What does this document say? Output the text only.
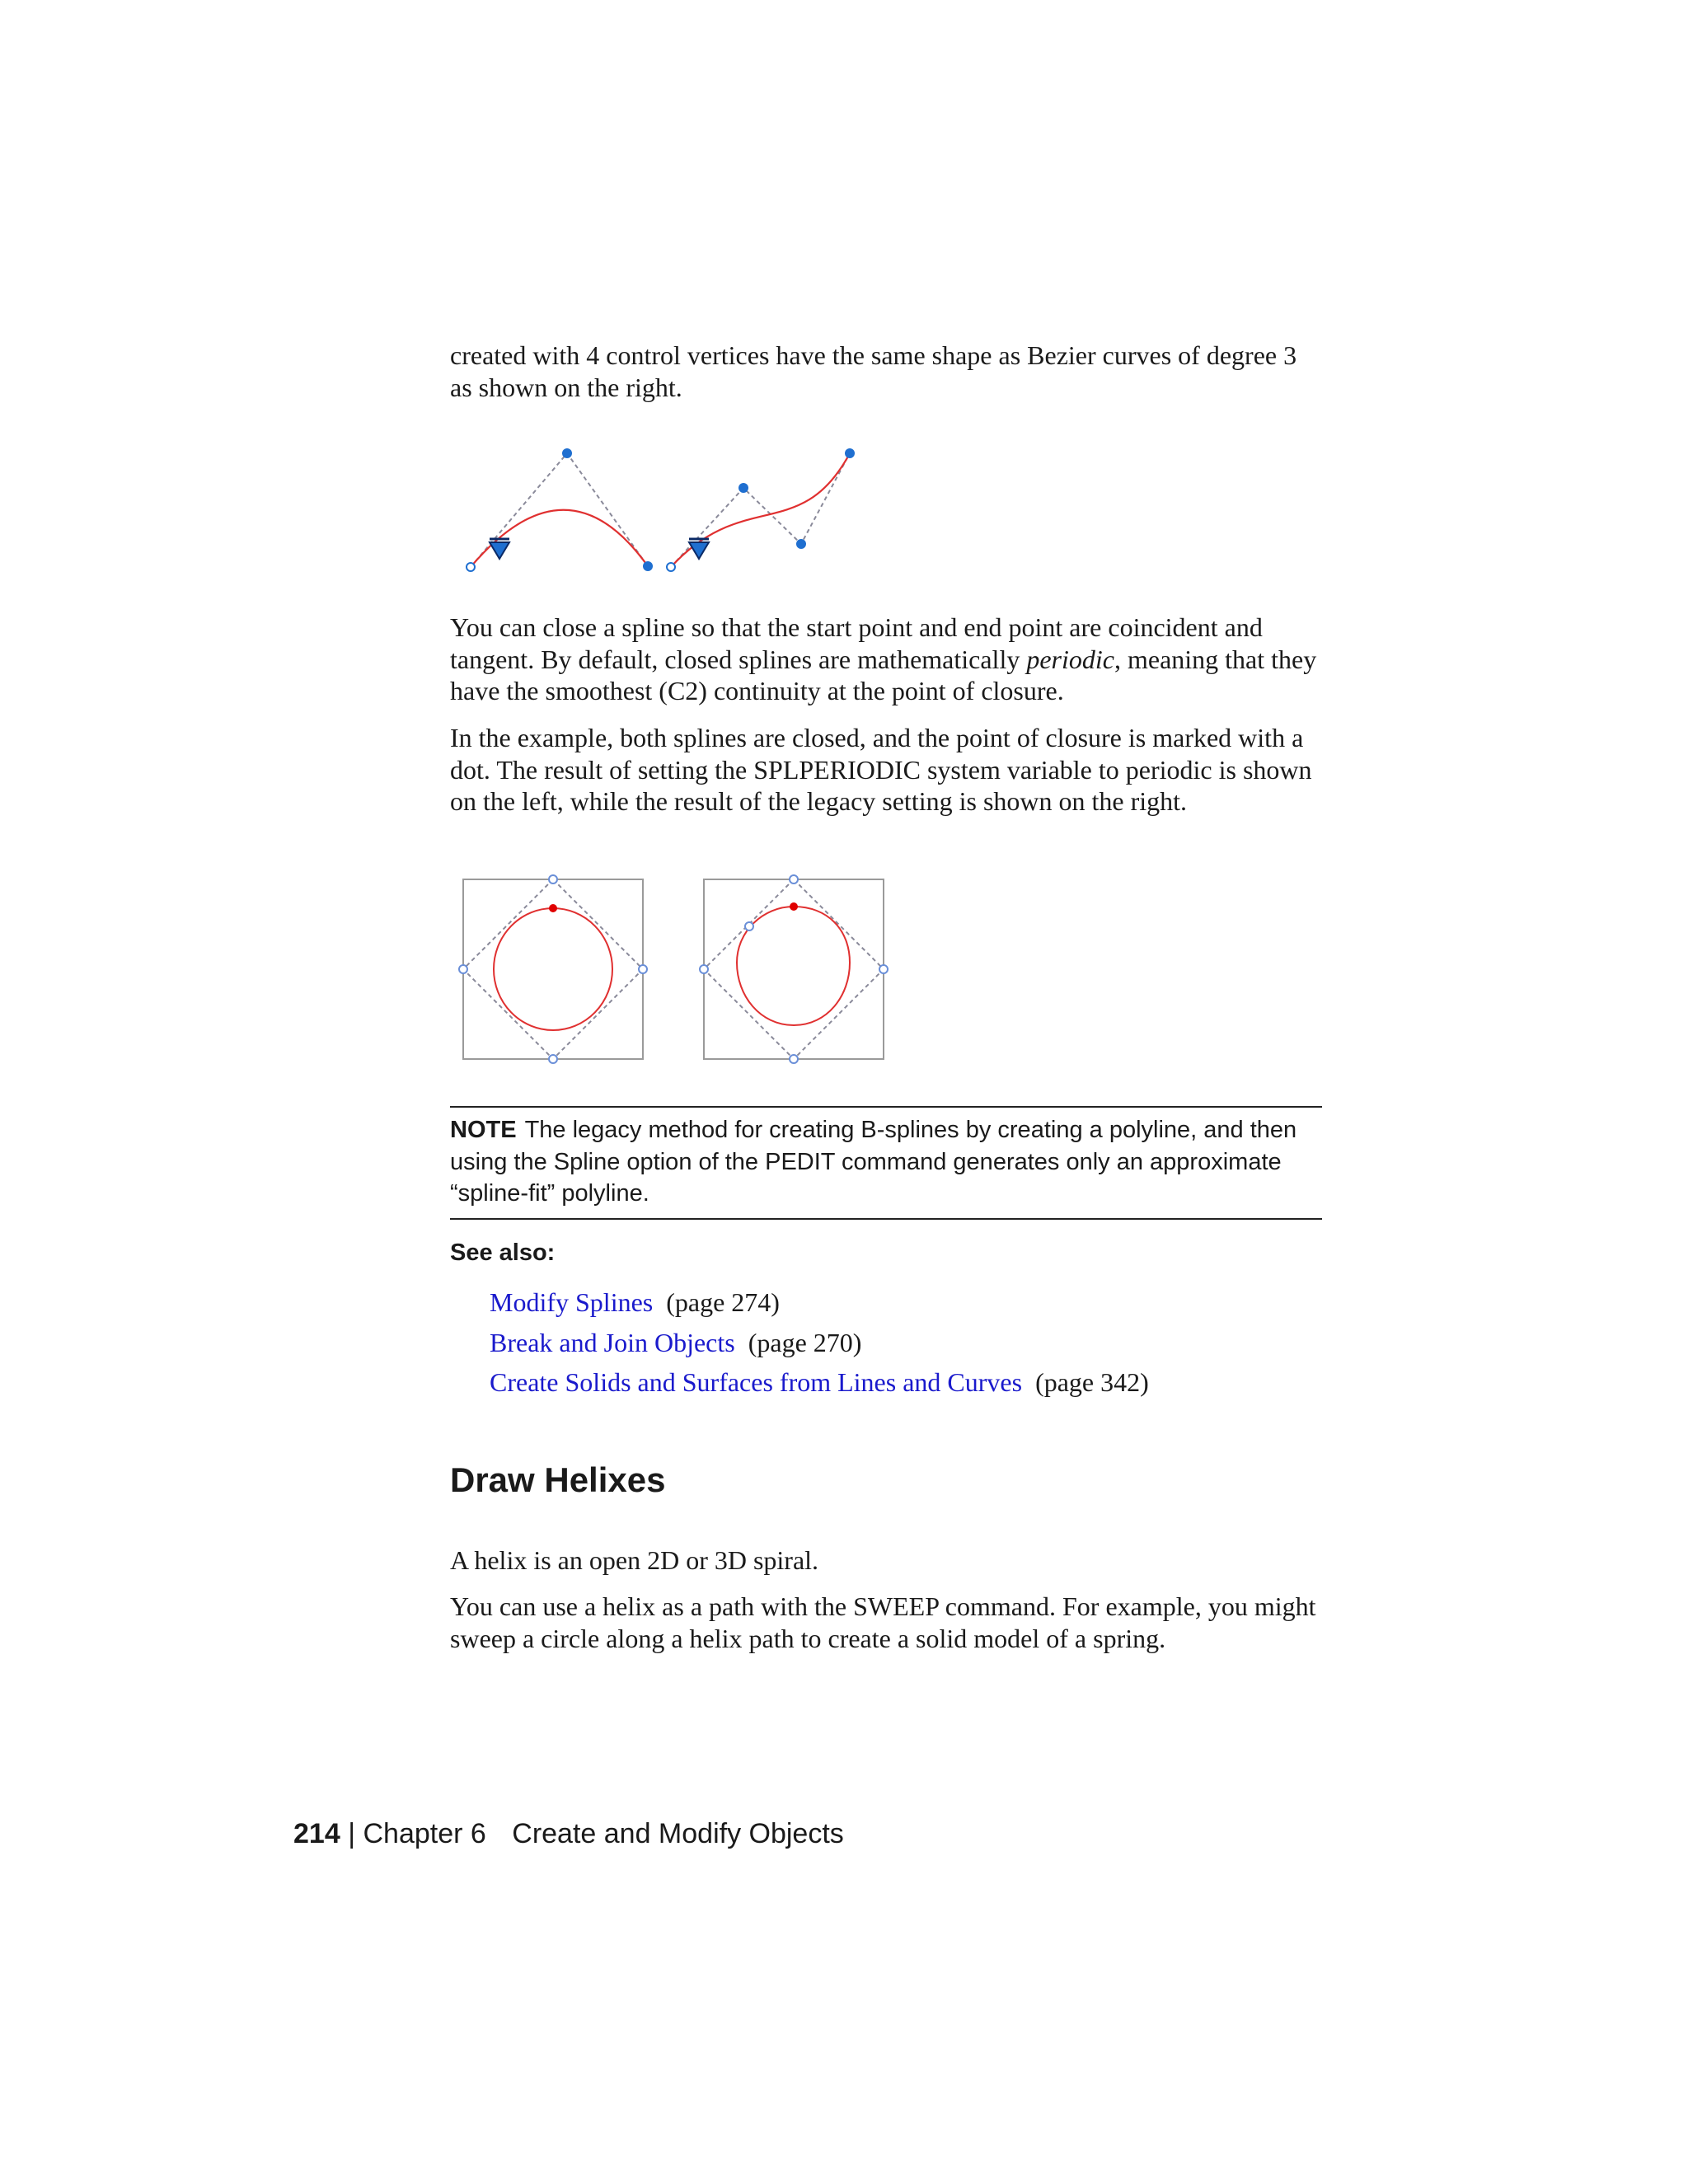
created with 4 control vertices have the same shape as Bezier curves of degree 3 as shown on the right.

You can close a spline so that the start point and end point are coincident and tangent. By default, closed splines are mathematically periodic, meaning that they have the smoothest (C2) continuity at the point of closure.

In the example, both splines are closed, and the point of closure is marked with a dot. The result of setting the SPLPERIODIC system variable to periodic is shown on the left, while the result of the legacy setting is shown on the right.

NOTE The legacy method for creating B-splines by creating a polyline, and then using the Spline option of the PEDIT command generates only an approximate “spline-fit” polyline.
See also:
Modify Splines (page 274)
Break and Join Objects (page 270)
Create Solids and Surfaces from Lines and Curves (page 342)
Draw Helixes

A helix is an open 2D or 3D spiral.

You can use a helix as a path with the SWEEP command. For example, you might sweep a circle along a helix path to create a solid model of a spring.

214 | Chapter 6 Create and Modify Objects
